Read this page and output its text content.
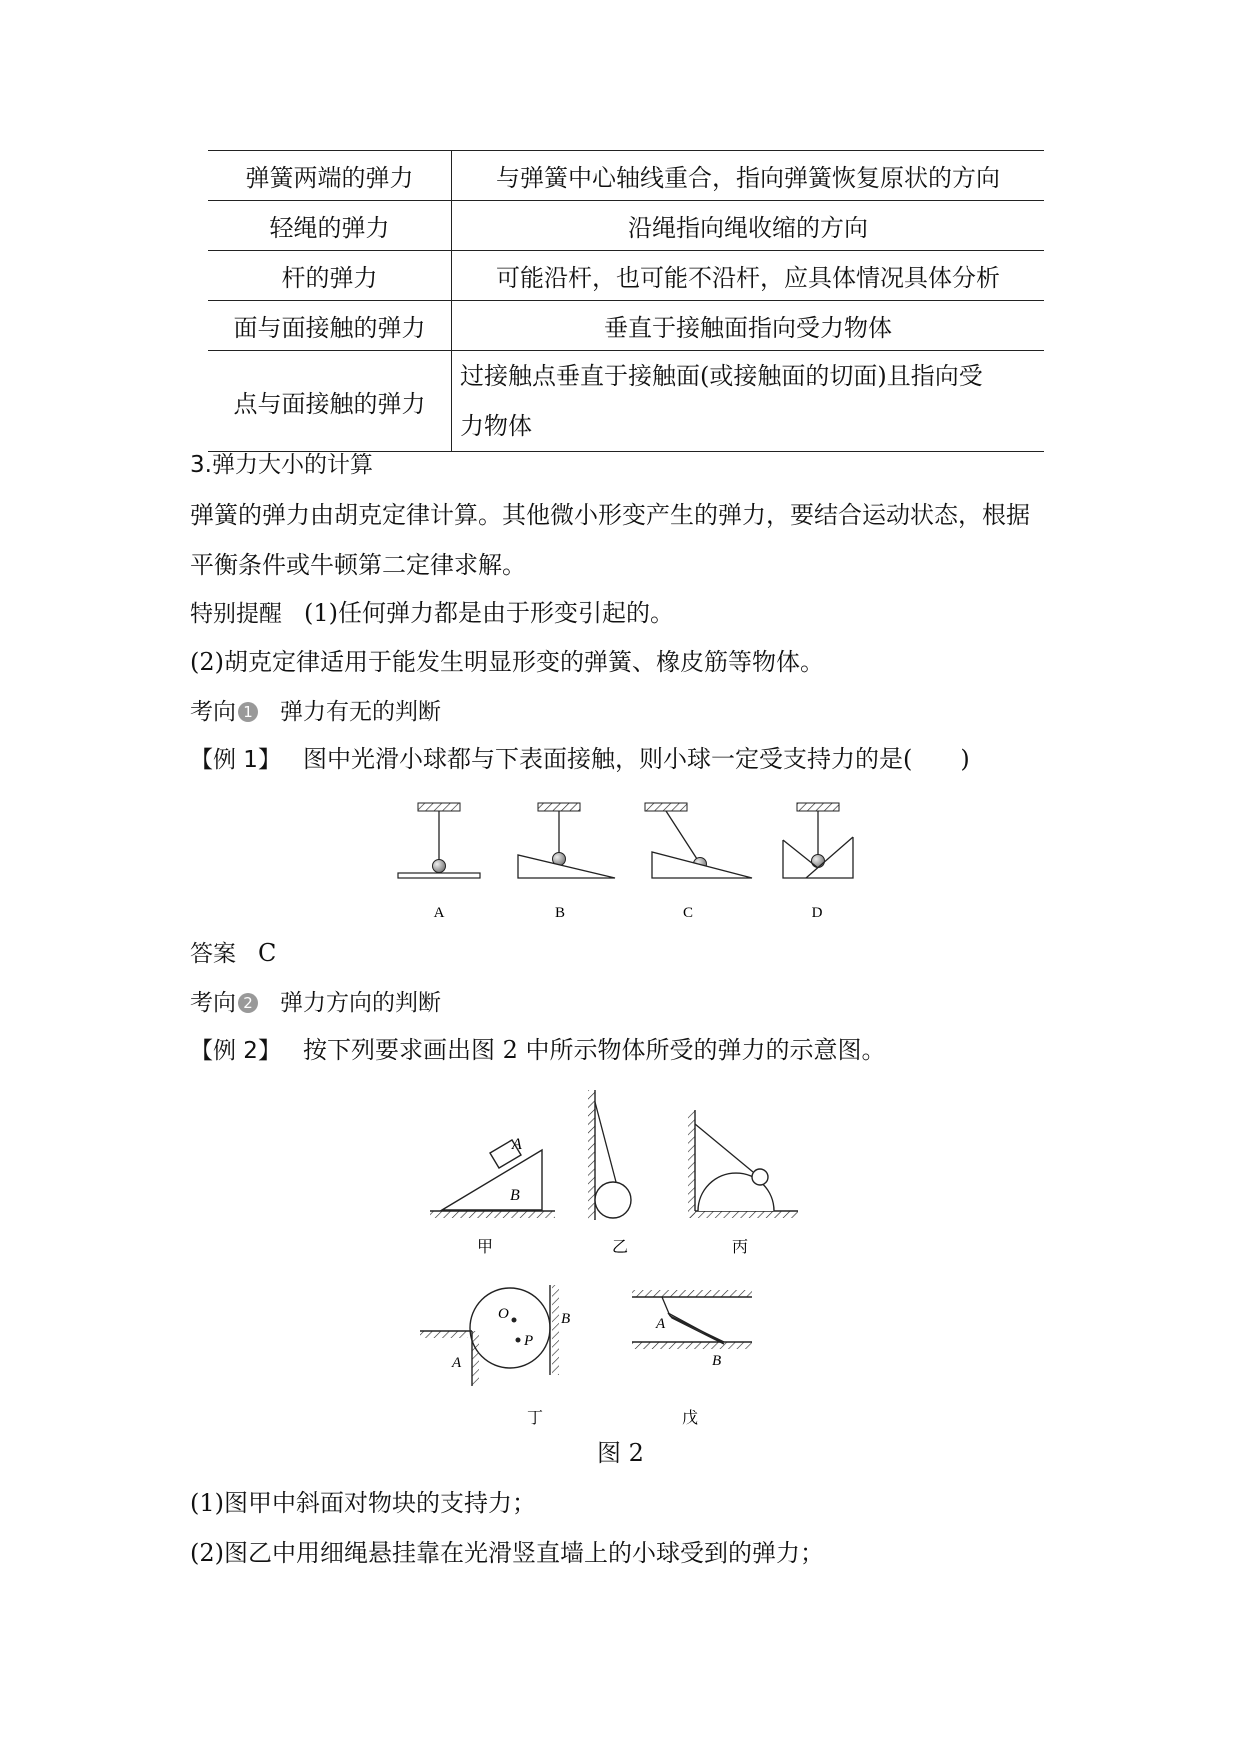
弹簧两端的弹力	与弹簧中心轴线重合，指向弹簧恢复原状的方向
轻绳的弹力	沿绳指向绳收缩的方向
杆的弹力	可能沿杆，也可能不沿杆，应具体情况具体分析
面与面接触的弹力	垂直于接触面指向受力物体
点与面接触的弹力	过接触点垂直于接触面(或接触面的切面)且指向受
力物体
3.弹力大小的计算
弹簧的弹力由胡克定律计算。其他微小形变产生的弹力，要结合运动状态，根据
平衡条件或牛顿第二定律求解。
特别提醒 (1)任何弹力都是由于形变引起的。
(2)胡克定律适用于能发生明显形变的弹簧、橡皮筋等物体。
考向 1 弹力有无的判断
【例 1】 图中光滑小球都与下表面接触，则小球一定受支持力的是(　　)
A	B	C	D
答案 C
考向 2 弹力方向的判断
【例 2】 按下列要求画出图 2 中所示物体所受的弹力的示意图。
A
B
甲	乙	丙
O
P
A
B
丁
A
B
戊
图 2
(1)图甲中斜面对物块的支持力；
(2)图乙中用细绳悬挂靠在光滑竖直墙上的小球受到的弹力；
